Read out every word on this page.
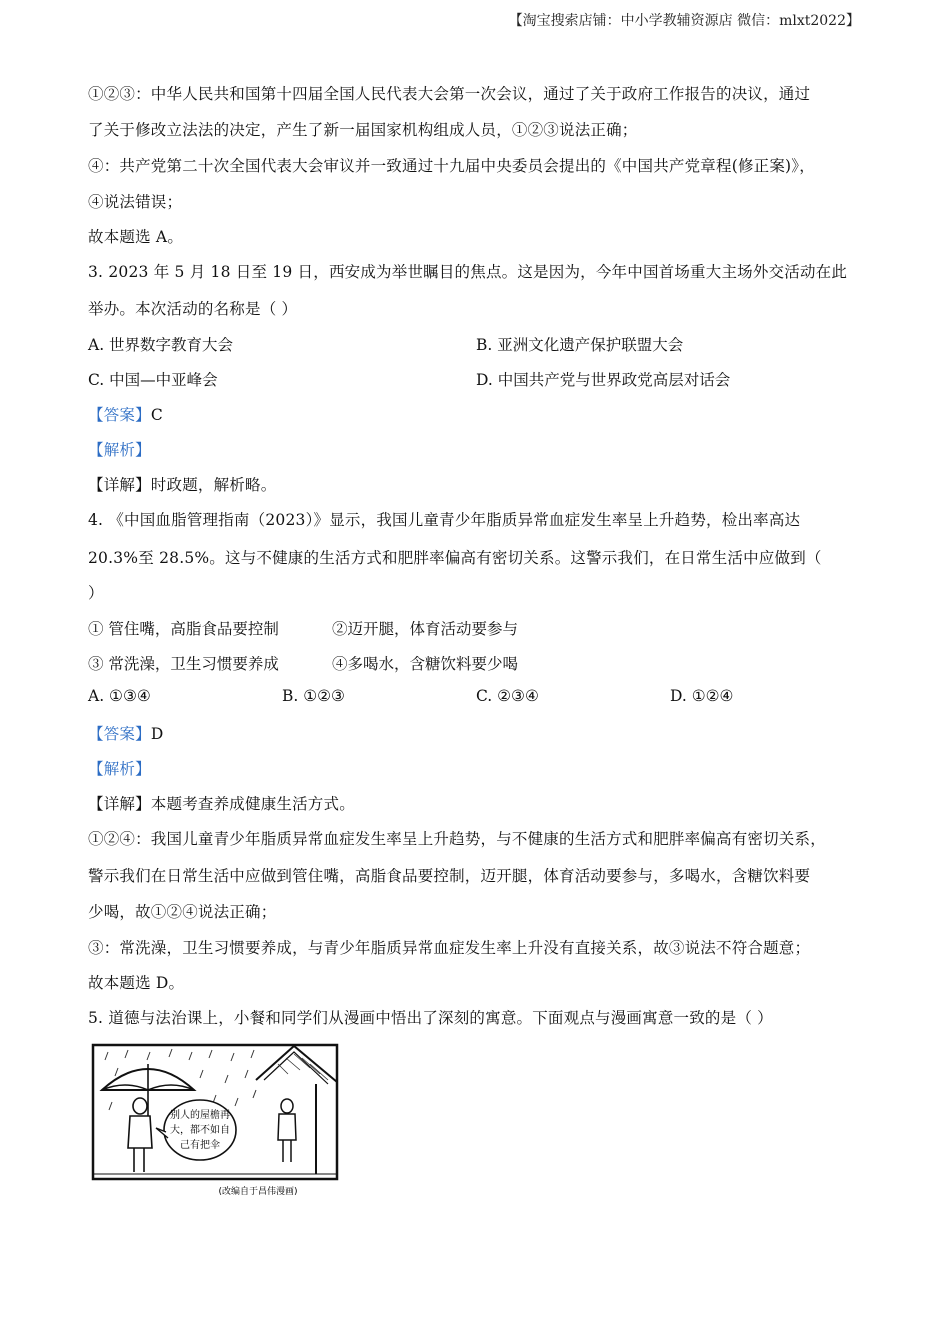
【淘宝搜索店铺：中小学教辅资源店 微信：mlxt2022】
①②③：中华人民共和国第十四届全国人民代表大会第一次会议，通过了关于政府工作报告的决议，通过
了关于修改立法法的决定，产生了新一届国家机构组成人员，①②③说法正确；
④：共产党第二十次全国代表大会审议并一致通过十九届中央委员会提出的《中国共产党章程(修正案)》，
④说法错误；
故本题选 A。
3. 2023 年 5 月 18 日至 19 日，西安成为举世瞩目的焦点。这是因为，今年中国首场重大主场外交活动在此
举办。本次活动的名称是（ ）
A. 世界数字教育大会	B. 亚洲文化遗产保护联盟大会
C. 中国—中亚峰会	D. 中国共产党与世界政党高层对话会
【答案】C
【解析】
【详解】时政题，解析略。
4. 《中国血脂管理指南（2023）》显示，我国儿童青少年脂质异常血症发生率呈上升趋势，检出率高达
20.3%至 28.5%。这与不健康的生活方式和肥胖率偏高有密切关系。这警示我们，在日常生活中应做到（
）
① 管住嘴，高脂食品要控制	②迈开腿，体育活动要参与
③ 常洗澡，卫生习惯要养成	④多喝水，含糖饮料要少喝
A. ①③④	B. ①②③	C. ②③④	D. ①②④
【答案】D
【解析】
【详解】本题考查养成健康生活方式。
①②④：我国儿童青少年脂质异常血症发生率呈上升趋势，与不健康的生活方式和肥胖率偏高有密切关系，
警示我们在日常生活中应做到管住嘴，高脂食品要控制，迈开腿，体育活动要参与，多喝水，含糖饮料要
少喝，故①②④说法正确；
③：常洗澡，卫生习惯要养成，与青少年脂质异常血症发生率上升没有直接关系，故③说法不符合题意；
故本题选 D。
5. 道德与法治课上，小餐和同学们从漫画中悟出了深刻的寓意。下面观点与漫画寓意一致的是（ ）
别人的屋檐再
大，都不如自
己有把伞
(改编自于昌伟漫画)
